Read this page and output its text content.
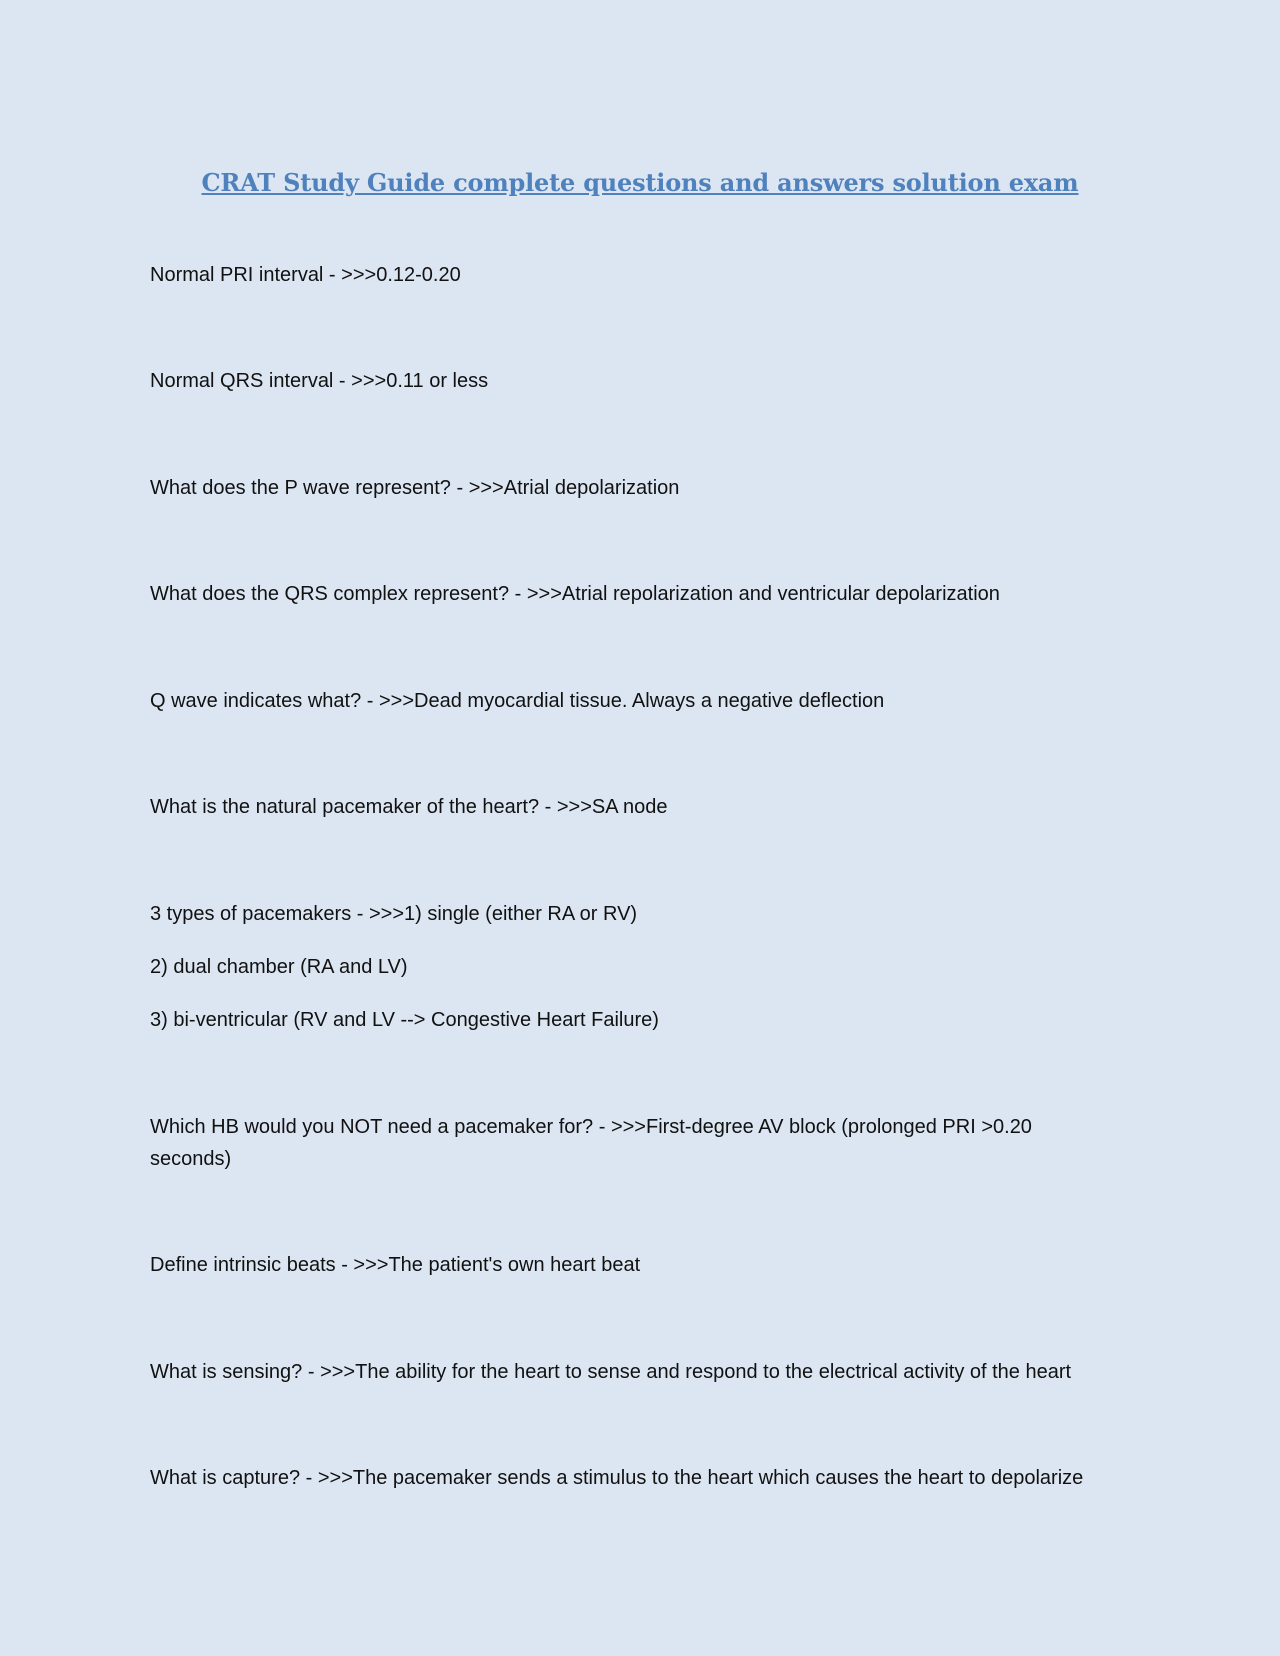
CRAT Study Guide complete questions and answers solution exam
Normal PRI interval - >>>0.12-0.20
Normal QRS interval - >>>0.11 or less
What does the P wave represent? - >>>Atrial depolarization
What does the QRS complex represent? - >>>Atrial repolarization and ventricular depolarization
Q wave indicates what? - >>>Dead myocardial tissue. Always a negative deflection
What is the natural pacemaker of the heart? - >>>SA node
3 types of pacemakers - >>>1) single (either RA or RV)
2) dual chamber (RA and LV)
3) bi-ventricular (RV and LV --> Congestive Heart Failure)
Which HB would you NOT need a pacemaker for? - >>>First-degree AV block (prolonged PRI >0.20 seconds)
Define intrinsic beats - >>>The patient's own heart beat
What is sensing? - >>>The ability for the heart to sense and respond to the electrical activity of the heart
What is capture? - >>>The pacemaker sends a stimulus to the heart which causes the heart to depolarize
